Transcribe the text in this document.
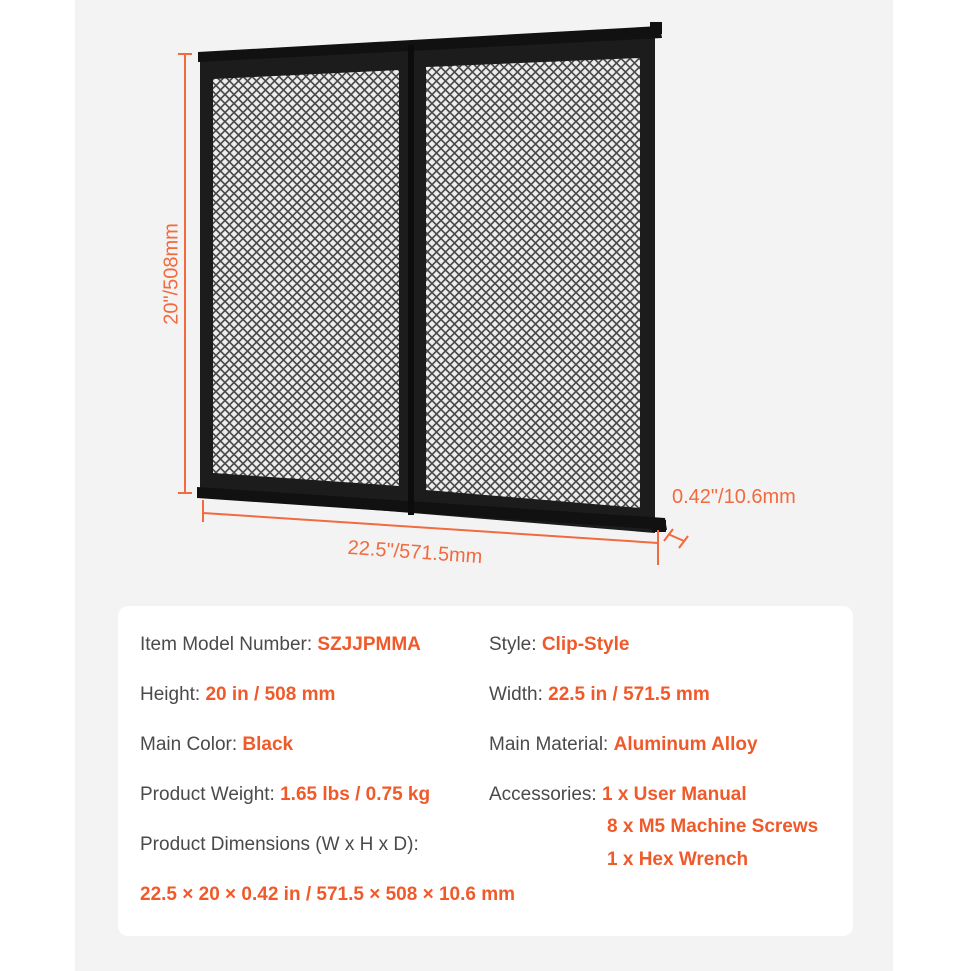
20"/508mm
22.5"/571.5mm
0.42"/10.6mm
Item Model Number: SZJJPMMA	Style: Clip-Style
Height: 20 in / 508 mm	Width: 22.5 in / 571.5 mm
Main Color: Black	Main Material: Aluminum Alloy
Product Weight: 1.65 lbs / 0.75 kg	Accessories: 1 x User Manual
8 x M5 Machine Screws
1 x Hex Wrench
Product Dimensions (W x H x D):
22.5 × 20 × 0.42 in / 571.5 × 508 × 10.6 mm
